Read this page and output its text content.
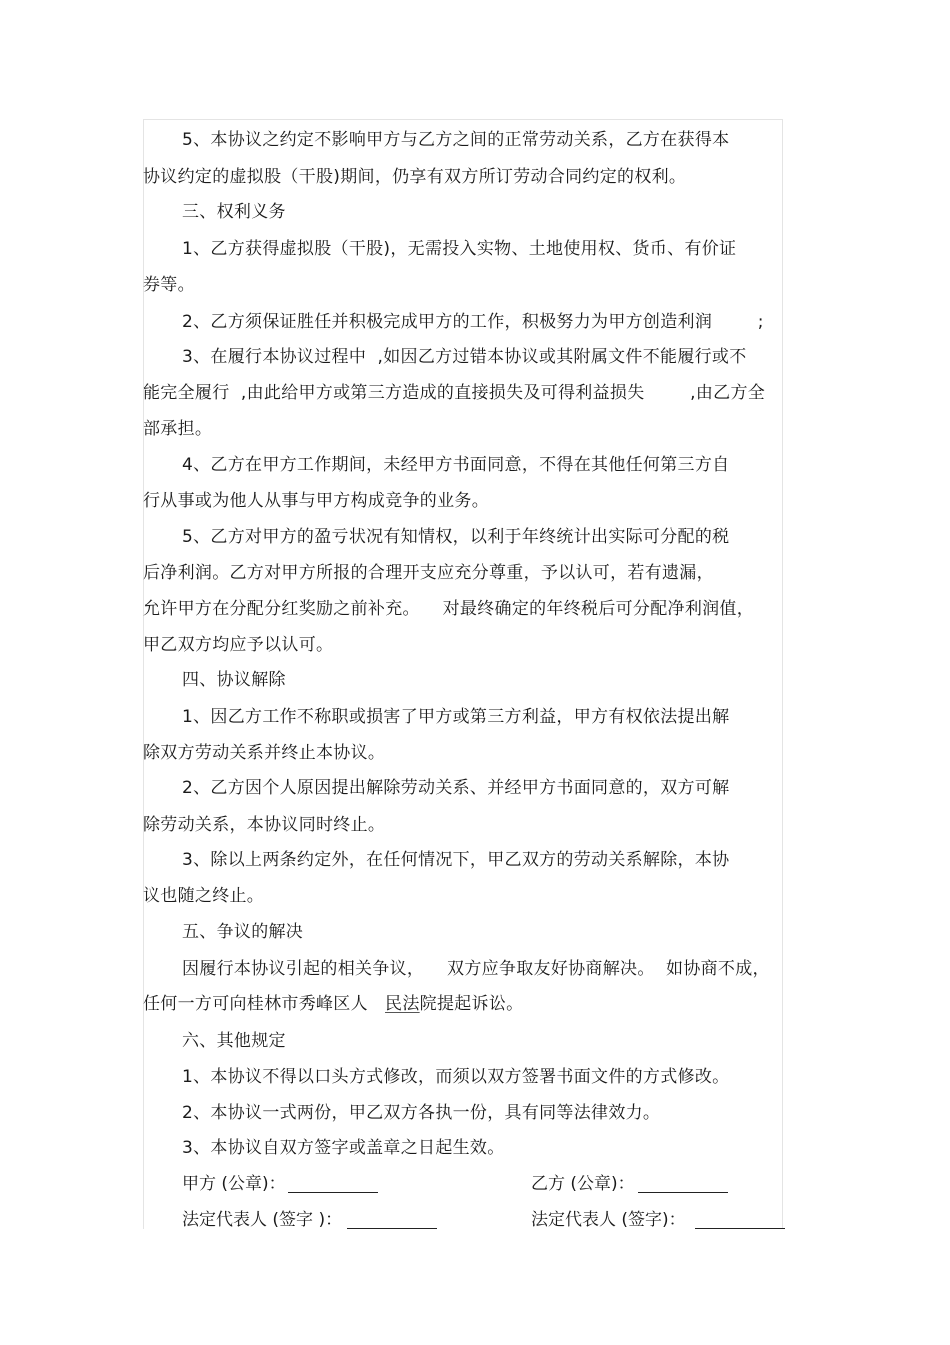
5、本协议之约定不影响甲方与乙方之间的正常劳动关系，乙方在获得本
协议约定的虚拟股（干股)期间，仍享有双方所订劳动合同约定的权利。
三、权利义务
1、乙方获得虚拟股（干股)，无需投入实物、土地使用权、货币、有价证
券等。
2、乙方须保证胜任并积极完成甲方的工作，积极努力为甲方创造利润        ;
3、在履行本协议过程中  ,如因乙方过错本协议或其附属文件不能履行或不
能完全履行  ,由此给甲方或第三方造成的直接损失及可得利益损失        ,由乙方全
部承担。
4、乙方在甲方工作期间，未经甲方书面同意，不得在其他任何第三方自
行从事或为他人从事与甲方构成竞争的业务。
5、乙方对甲方的盈亏状况有知情权，以利于年终统计出实际可分配的税
后净利润。乙方对甲方所报的合理开支应充分尊重，予以认可，若有遗漏，
允许甲方在分配分红奖励之前补充。    对最终确定的年终税后可分配净利润值，
甲乙双方均应予以认可。
四、协议解除
1、因乙方工作不称职或损害了甲方或第三方利益，甲方有权依法提出解
除双方劳动关系并终止本协议。
2、乙方因个人原因提出解除劳动关系、并经甲方书面同意的，双方可解
除劳动关系，本协议同时终止。
3、除以上两条约定外，在任何情况下，甲乙双方的劳动关系解除，本协
议也随之终止。
五、争议的解决
因履行本协议引起的相关争议，    双方应争取友好协商解决。  如协商不成，
任何一方可向桂林市秀峰区人 民法院提起诉讼。
六、其他规定
1、本协议不得以口头方式修改，而须以双方签署书面文件的方式修改。
2、本协议一式两份，甲乙双方各执一份，具有同等法律效力。
3、本协议自双方签字或盖章之日起生效。
甲方 (公章)：	乙方 (公章)：
法定代表人 (签字 )：	法定代表人 (签字)：
